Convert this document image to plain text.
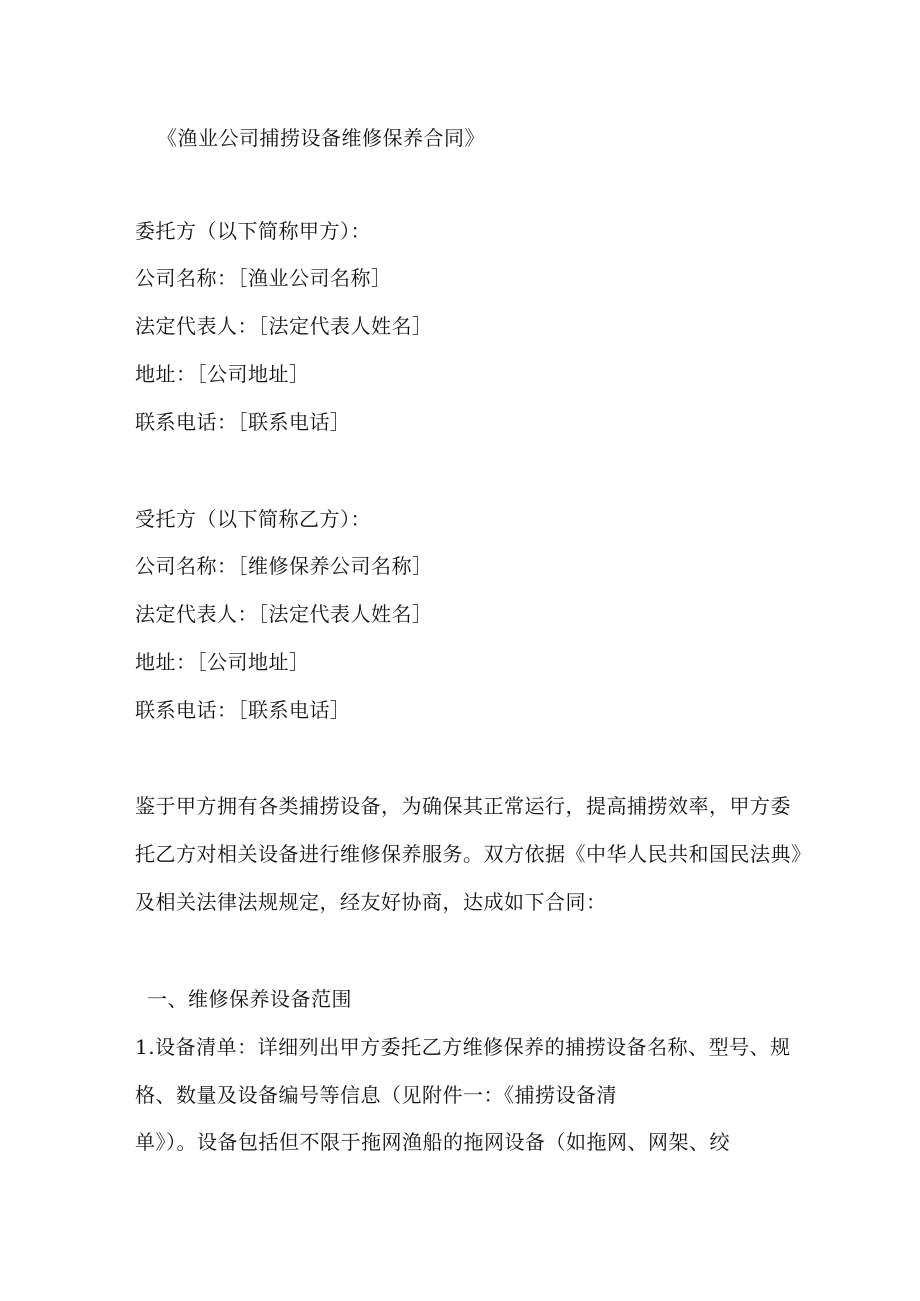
《渔业公司捕捞设备维修保养合同》
委托方（以下简称甲方）：
公司名称：［渔业公司名称］
法定代表人：［法定代表人姓名］
地址：［公司地址］
联系电话：［联系电话］
受托方（以下简称乙方）：
公司名称：［维修保养公司名称］
法定代表人：［法定代表人姓名］
地址：［公司地址］
联系电话：［联系电话］
鉴于甲方拥有各类捕捞设备，为确保其正常运行，提高捕捞效率，甲方委
托乙方对相关设备进行维修保养服务。双方依据《中华人民共和国民法典》
及相关法律法规规定，经友好协商，达成如下合同：
一、维修保养设备范围
1.设备清单：详细列出甲方委托乙方维修保养的捕捞设备名称、型号、规
格、数量及设备编号等信息（见附件一：《捕捞设备清
单》）。设备包括但不限于拖网渔船的拖网设备（如拖网、网架、绞
